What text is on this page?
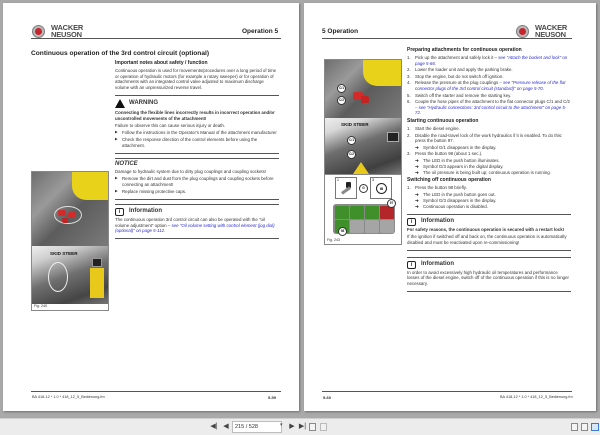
WACKER
NEUSON	Operation 5
Continuous operation of the 3rd control circuit (optional)
Important notes about safety / function

Continuous operation is used for movements/procedures over a long period of time or operation of hydraulic motors (for example a rotary sweeper) or for operation of attachments with an integrated control valve adjusted to maximum discharge volume with an unpressurized reverse travel.

WARNING

Connecting the flexible lines incorrectly results in incorrect operation and/or uncontrolled movements of the attachment!

Failure to observe this can cause serious injury or death.

▶ Follow the instructions in the Operator's Manual of the attachment manufacturer
▶ Check the response direction of the control elements before using the attachment.
NOTICE

Damage to hydraulic system due to dirty plug couplings and coupling sockets!

▶ Remove the dirt and dust from the plug couplings and coupling sockets before connecting an attachment!
▶ Replace missing protective caps.
i	Information

The continuous operation 3rd control circuit can also be operated with the "oil volume adjustment" option – see "Oil volume setting with control element (jog dial) (optional)" on page 5-112.

SKID STEER
Fig. 240
BA 418-12 * 1.0 * 418_12_5_Bedienung.fm	5-59
5 Operation	WACKER
NEUSON
Preparing attachments for continuous operation
1. Pick up the attachment and safely lock it – see "Attach the bucket and lock" on page 5-66.
2. Lower the loader unit and apply the parking brake.
3. Stop the engine, but do not switch off ignition.
4. Release the pressure at the plug couplings – see "Pressure release of the flat connector plugs of the 3rd control circuit (standard)" on page 5-70.
5. Switch off the starter and remove the starting key.
6. Couple the hose pipes of the attachment to the flat connector plugs C/1 and C/2 – see "Hydraulic connections: 3rd control circuit to the attachment" on page 5-72.
Starting continuous operation
1. Start the diesel engine.
2. Disable the road-travel lock of the work hydraulics if it is enabled. To do this: press the button 97.
➜ Symbol G/1 disappears in the display.
3. Press the button 98 (about 1 sec.).
➜ The LED in the push button illuminates.
➜ Symbol G/3 appears in the digital display.
➜ The oil pressure is being built up; continuous operation is running.
Switching off continuous operation
1. Press the button 98 briefly.
➜ The LED in the push button goes out.
➜ Symbol G/3 disappears in the display.
➜ Continuous operation is disabled.
i	Information

For safety reasons, the continuous operation is secured with a restart lock!

If the ignition if switched off and back on, the continuous operation is automatically disabled and must be reactivated upon re-commissioning!

i	Information

In order to avoid excessively high hydraulic oil temperatures and performance losses of the diesel engine, switch off of the continuous operation if this is no longer necessary.

C/1
C/2
SKID STEER
C/1
C/2
1
G
3
III
97
98
Fig. 243
5-60	BA 418-12 * 1.0 * 418_12_5_Bedienung.fm
◀​| ◀	215 / 528	▾ ▶ ▶|
